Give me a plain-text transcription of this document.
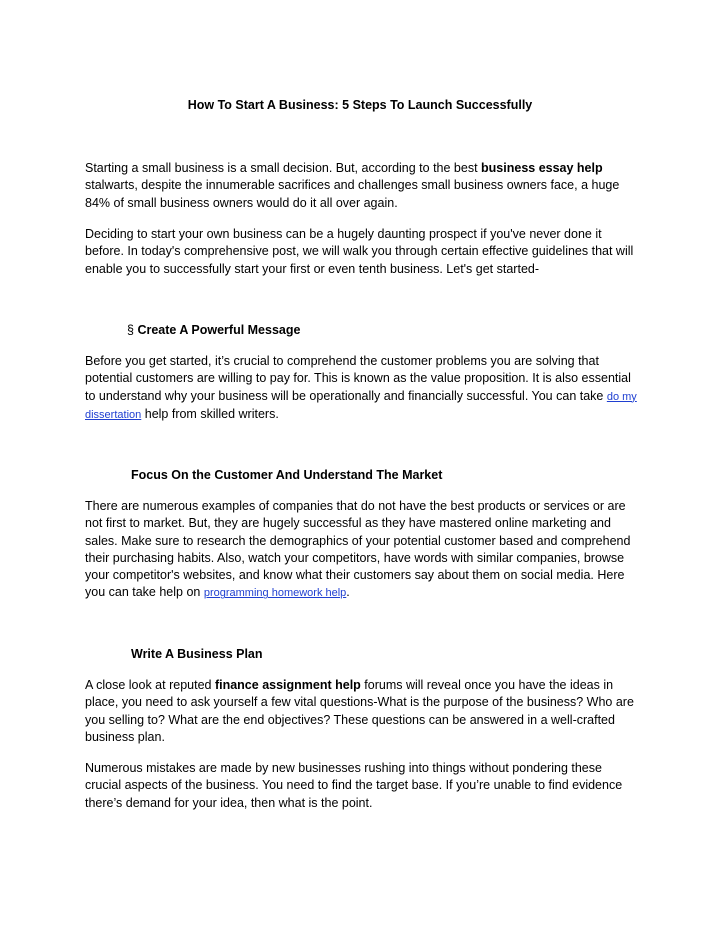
How To Start A Business: 5 Steps To Launch Successfully

Starting a small business is a small decision. But, according to the best business essay help stalwarts, despite the innumerable sacrifices and challenges small business owners face, a huge 84% of small business owners would do it all over again.

Deciding to start your own business can be a hugely daunting prospect if you've never done it before. In today's comprehensive post, we will walk you through certain effective guidelines that will enable you to successfully start your first or even tenth business. Let's get started-

§ Create A Powerful Message

Before you get started, it’s crucial to comprehend the customer problems you are solving that potential customers are willing to pay for. This is known as the value proposition. It is also essential to understand why your business will be operationally and financially successful. You can take do my dissertation help from skilled writers.

Focus On the Customer And Understand The Market

There are numerous examples of companies that do not have the best products or services or are not first to market. But, they are hugely successful as they have mastered online marketing and sales. Make sure to research the demographics of your potential customer based and comprehend their purchasing habits. Also, watch your competitors, have words with similar companies, browse your competitor's websites, and know what their customers say about them on social media. Here you can take help on programming homework help.

Write A Business Plan

A close look at reputed finance assignment help forums will reveal once you have the ideas in place, you need to ask yourself a few vital questions-What is the purpose of the business? Who are you selling to? What are the end objectives? These questions can be answered in a well-crafted business plan.

Numerous mistakes are made by new businesses rushing into things without pondering these crucial aspects of the business. You need to find the target base. If you’re unable to find evidence there’s demand for your idea, then what is the point.
